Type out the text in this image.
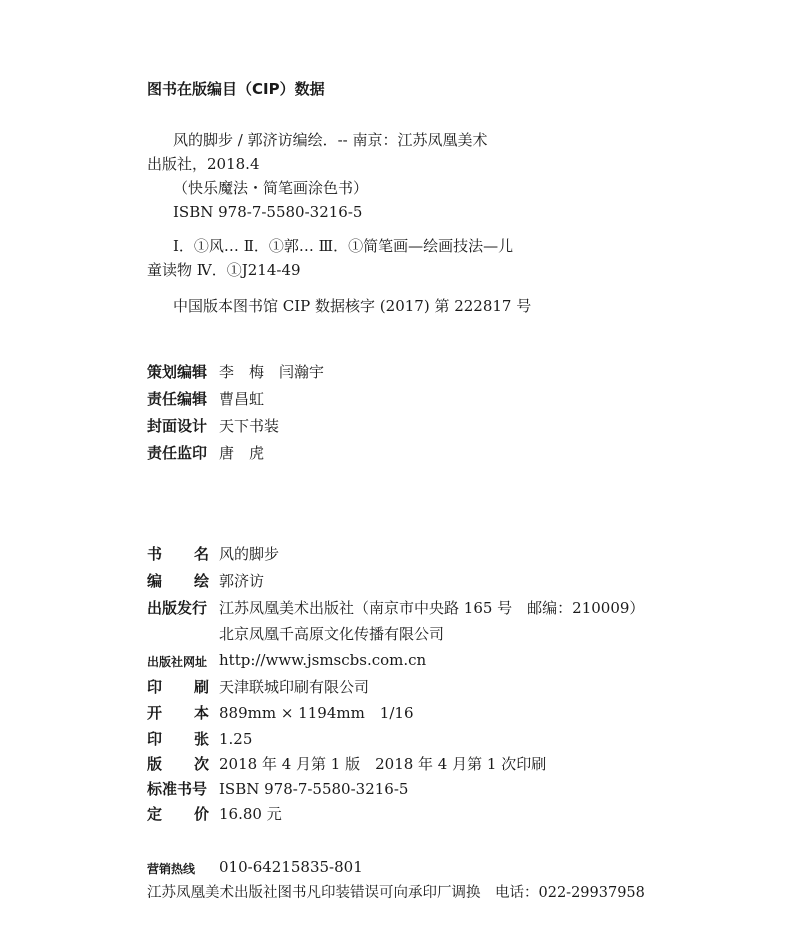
图书在版编目（CIP）数据
风的脚步 / 郭济访编绘．-- 南京：江苏凤凰美术
出版社，2018.4
（快乐魔法・简笔画涂色书）
ISBN 978-7-5580-3216-5
Ⅰ．①风… Ⅱ．①郭… Ⅲ．①简笔画—绘画技法—儿
童读物 Ⅳ．①J214-49
中国版本图书馆 CIP 数据核字 (2017) 第 222817 号
策划编辑 李　梅　闫瀚宇
责任编辑 曹昌虹
封面设计 天下书装
责任监印 唐　虎
书 名 风的脚步
编 绘 郭济访
出版发行 江苏凤凰美术出版社（南京市中央路 165 号　邮编：210009）
北京凤凰千高原文化传播有限公司
出版社网址 http://www.jsmscbs.com.cn
印 刷 天津联城印刷有限公司
开 本 889mm × 1194mm　1/16
印 张 1.25
版 次 2018 年 4 月第 1 版　2018 年 4 月第 1 次印刷
标准书号 ISBN 978-7-5580-3216-5
定 价 16.80 元
营销热线 010-64215835-801
江苏凤凰美术出版社图书凡印装错误可向承印厂调换　电话：022-29937958
